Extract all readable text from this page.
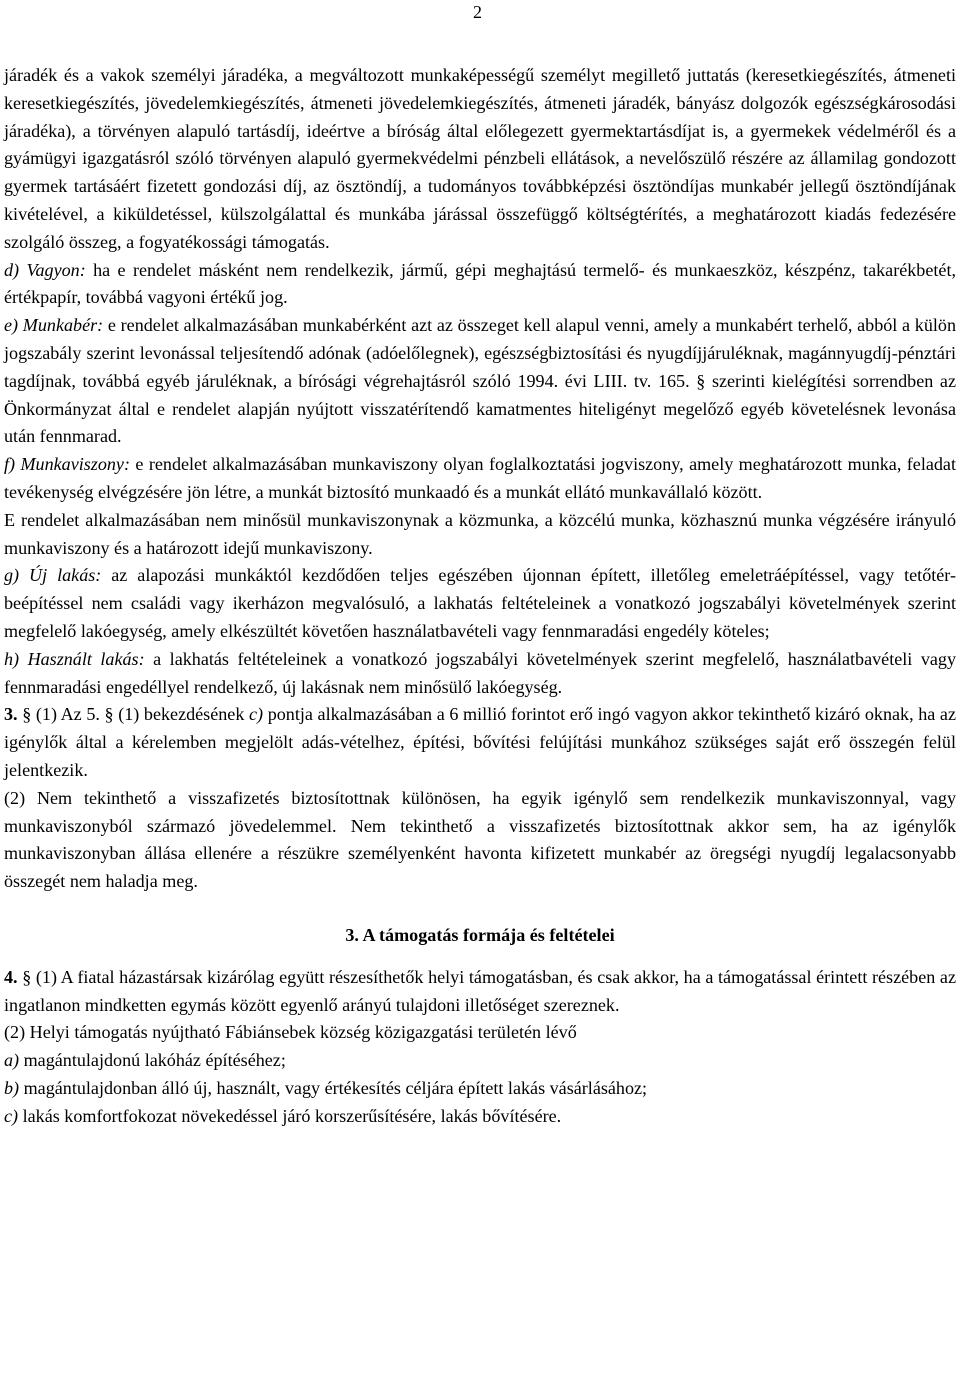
2

járadék és a vakok személyi járadéka, a megváltozott munkaképességű személyt megillető juttatás (keresetkiegészítés, átmeneti keresetkiegészítés, jövedelemkiegészítés, átmeneti jövedelemkiegészítés, átmeneti járadék, bányász dolgozók egészségkárosodási járadéka), a törvényen alapuló tartásdíj, ideértve a bíróság által előlegezett gyermektartásdíjat is, a gyermekek védelméről és a gyámügyi igazgatásról szóló törvényen alapuló gyermekvédelmi pénzbeli ellátások, a nevelőszülő részére az államilag gondozott gyermek tartásáért fizetett gondozási díj, az ösztöndíj, a tudományos továbbképzési ösztöndíjas munkabér jellegű ösztöndíjának kivételével, a kiküldetéssel, külszolgálattal és munkába járással összefüggő költségtérítés, a meghatározott kiadás fedezésére szolgáló összeg, a fogyatékossági támogatás.

d) Vagyon: ha e rendelet másként nem rendelkezik, jármű, gépi meghajtású termelő- és munkaeszköz, készpénz, takarékbetét, értékpapír, továbbá vagyoni értékű jog.

e) Munkabér: e rendelet alkalmazásában munkabérként azt az összeget kell alapul venni, amely a munkabért terhelő, abból a külön jogszabály szerint levonással teljesítendő adónak (adóelőlegnek), egészségbiztosítási és nyugdíjjáruléknak, magánnyugdíj-pénztári tagdíjnak, továbbá egyéb járuléknak, a bírósági végrehajtásról szóló 1994. évi LIII. tv. 165. § szerinti kielégítési sorrendben az Önkormányzat által e rendelet alapján nyújtott visszatérítendő kamatmentes hiteligényt megelőző egyéb követelésnek levonása után fennmarad.

f) Munkaviszony: e rendelet alkalmazásában munkaviszony olyan foglalkoztatási jogviszony, amely meghatározott munka, feladat tevékenység elvégzésére jön létre, a munkát biztosító munkaadó és a munkát ellátó munkavállaló között.

E rendelet alkalmazásában nem minősül munkaviszonynak a közmunka, a közcélú munka, közhasznú munka végzésére irányuló munkaviszony és a határozott idejű munkaviszony.

g) Új lakás: az alapozási munkáktól kezdődően teljes egészében újonnan épített, illetőleg emeletráépítéssel, vagy tetőtér-beépítéssel nem családi vagy ikerházon megvalósuló, a lakhatás feltételeinek a vonatkozó jogszabályi követelmények szerint megfelelő lakóegység, amely elkészültét követően használatbavételi vagy fennmaradási engedély köteles;

h) Használt lakás: a lakhatás feltételeinek a vonatkozó jogszabályi követelmények szerint megfelelő, használatbavételi vagy fennmaradási engedéllyel rendelkező, új lakásnak nem minősülő lakóegység.

3. § (1) Az 5. § (1) bekezdésének c) pontja alkalmazásában a 6 millió forintot erő ingó vagyon akkor tekinthető kizáró oknak, ha az igénylők által a kérelemben megjelölt adás-vételhez, építési, bővítési felújítási munkához szükséges saját erő összegén felül jelentkezik.

(2) Nem tekinthető a visszafizetés biztosítottnak különösen, ha egyik igénylő sem rendelkezik munkaviszonnyal, vagy munkaviszonyból származó jövedelemmel. Nem tekinthető a visszafizetés biztosítottnak akkor sem, ha az igénylők munkaviszonyban állása ellenére a részükre személyenként havonta kifizetett munkabér az öregségi nyugdíj legalacsonyabb összegét nem haladja meg.

3. A támogatás formája és feltételei

4. § (1) A fiatal házastársak kizárólag együtt részesíthetők helyi támogatásban, és csak akkor, ha a támogatással érintett részében az ingatlanon mindketten egymás között egyenlő arányú tulajdoni illetőséget szereznek.

(2) Helyi támogatás nyújtható Fábiánsebek község közigazgatási területén lévő

a) magántulajdonú lakóház építéséhez;

b) magántulajdonban álló új, használt, vagy értékesítés céljára épített lakás vásárlásához;

c) lakás komfortfokozat növekedéssel járó korszerűsítésére, lakás bővítésére.
